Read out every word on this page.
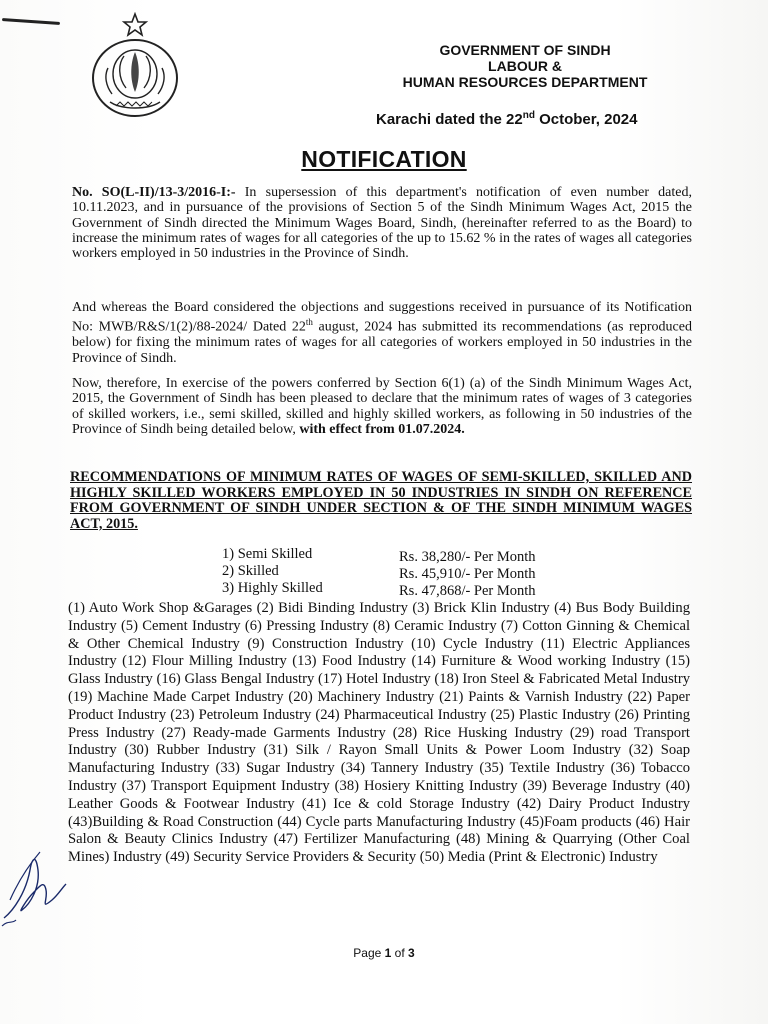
GOVERNMENT OF SINDH
LABOUR &
HUMAN RESOURCES DEPARTMENT
Karachi dated the 22nd October, 2024
NOTIFICATION
No. SO(L-II)/13-3/2016-I:- In supersession of this department's notification of even number dated, 10.11.2023, and in pursuance of the provisions of Section 5 of the Sindh Minimum Wages Act, 2015 the Government of Sindh directed the Minimum Wages Board, Sindh, (hereinafter referred to as the Board) to increase the minimum rates of wages for all categories of the up to 15.62 % in the rates of wages all categories workers employed in 50 industries in the Province of Sindh.
And whereas the Board considered the objections and suggestions received in pursuance of its Notification No: MWB/R&S/1(2)/88-2024/ Dated 22th august, 2024 has submitted its recommendations (as reproduced below) for fixing the minimum rates of wages for all categories of workers employed in 50 industries in the Province of Sindh.
Now, therefore, In exercise of the powers conferred by Section 6(1) (a) of the Sindh Minimum Wages Act, 2015, the Government of Sindh has been pleased to declare that the minimum rates of wages of 3 categories of skilled workers, i.e., semi skilled, skilled and highly skilled workers, as following in 50 industries of the Province of Sindh being detailed below, with effect from 01.07.2024.
RECOMMENDATIONS OF MINIMUM RATES OF WAGES OF SEMI-SKILLED, SKILLED AND HIGHLY SKILLED WORKERS EMPLOYED IN 50 INDUSTRIES IN SINDH ON REFERENCE FROM GOVERNMENT OF SINDH UNDER SECTION & OF THE SINDH MINIMUM WAGES ACT, 2015.
1) Semi Skilled	Rs. 38,280/- Per Month
2) Skilled	Rs. 45,910/- Per Month
3) Highly Skilled	Rs. 47,868/- Per Month
(1) Auto Work Shop &Garages (2) Bidi Binding Industry (3) Brick Klin Industry (4) Bus Body Building Industry (5) Cement Industry (6) Pressing Industry (8) Ceramic Industry (7) Cotton Ginning & Chemical & Other Chemical Industry (9) Construction Industry (10) Cycle Industry (11) Electric Appliances Industry (12) Flour Milling Industry (13) Food Industry (14) Furniture & Wood working Industry (15) Glass Industry (16) Glass Bengal Industry (17) Hotel Industry (18) Iron Steel & Fabricated Metal Industry (19) Machine Made Carpet Industry (20) Machinery Industry (21) Paints & Varnish Industry (22) Paper Product Industry (23) Petroleum Industry (24) Pharmaceutical Industry (25) Plastic Industry (26) Printing Press Industry (27) Ready-made Garments Industry (28) Rice Husking Industry (29) road Transport Industry (30) Rubber Industry (31) Silk / Rayon Small Units & Power Loom Industry (32) Soap Manufacturing Industry (33) Sugar Industry (34) Tannery Industry (35) Textile Industry (36) Tobacco Industry (37) Transport Equipment Industry (38) Hosiery Knitting Industry (39) Beverage Industry (40) Leather Goods & Footwear Industry (41) Ice & cold Storage Industry (42) Dairy Product Industry (43)Building & Road Construction (44) Cycle parts Manufacturing Industry (45)Foam products (46) Hair Salon & Beauty Clinics Industry (47) Fertilizer Manufacturing (48) Mining & Quarrying (Other Coal Mines) Industry (49) Security Service Providers & Security (50) Media (Print & Electronic) Industry
Page 1 of 3
